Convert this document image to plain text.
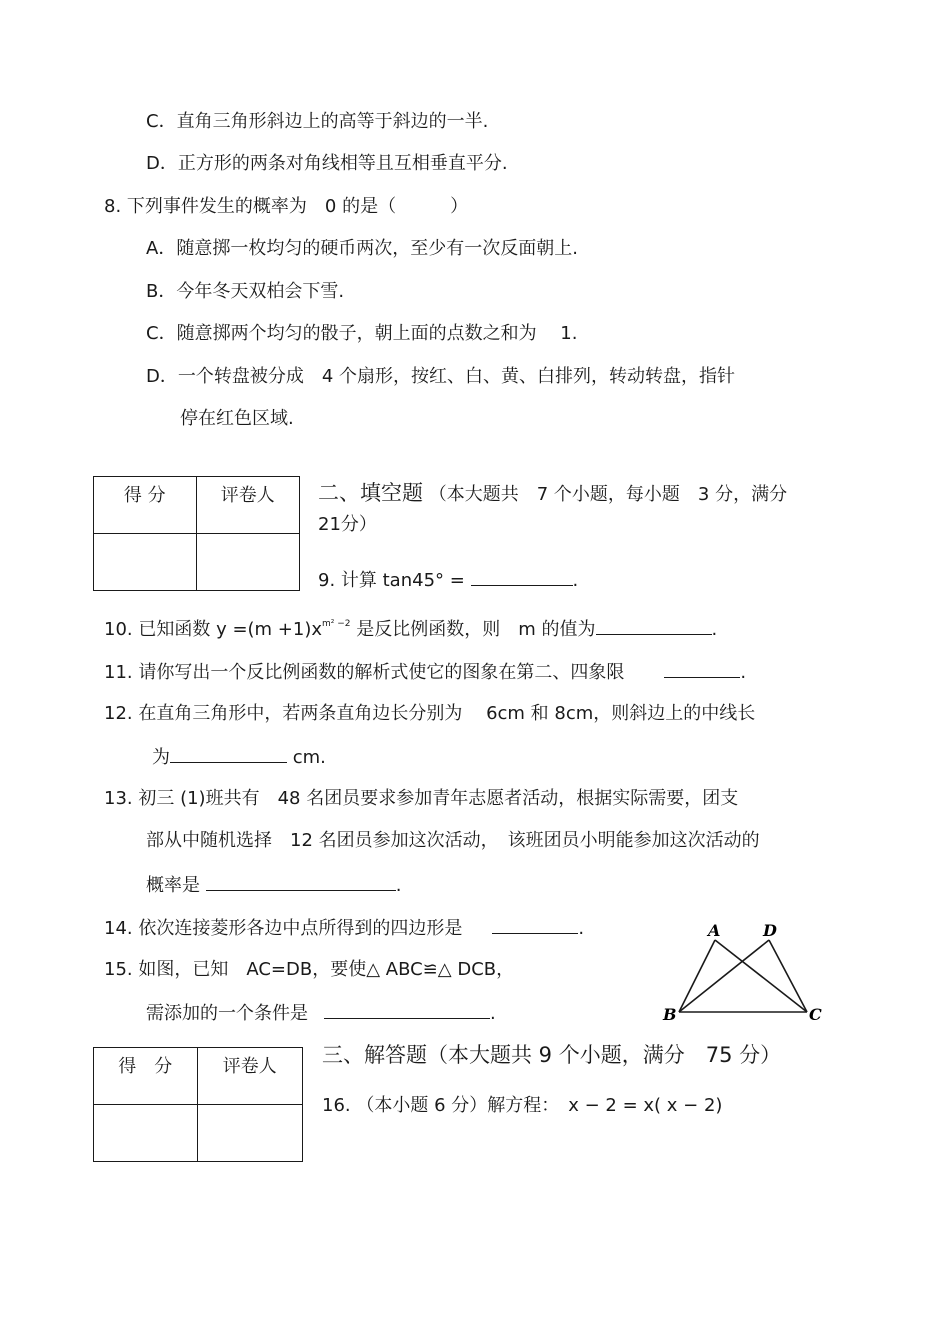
C．直角三角形斜边上的高等于斜边的一半.
D．正方形的两条对角线相等且互相垂直平分.
8. 下列事件发生的概率为　0 的是（　　　）
A．随意掷一枚均匀的硬币两次，至少有一次反面朝上.
B．今年冬天双柏会下雪.
C．随意掷两个均匀的骰子，朝上面的点数之和为　 1.
D．一个转盘被分成　4 个扇形，按红、白、黄、白排列，转动转盘，指针
停在红色区域.
得 分	评卷人
	二、填空题 （本大题共　7 个小题，每小题　3 分，满分
21分）
9. 计算 tan45° =	.
10. 已知函数 $y =(m +1)x^{m^2 -2}$ 是反比例函数，则　m 的值为	.
11. 请你写出一个反比例函数的解析式使它的图象在第二、四象限	.
12. 在直角三角形中，若两条直角边长分别为　 6cm 和 8cm，则斜边上的中线长
为	cm.
13. 初三 (1)班共有　48 名团员要求参加青年志愿者活动，根据实际需要，团支
部从中随机选择　12 名团员参加这次活动，　该班团员小明能参加这次活动的
概率是	.
14. 依次连接菱形各边中点所得到的四边形是	.
15. 如图，已知　AC=DB，要使△ ABC≌△ DCB，
需添加的一个条件是	.
A	D
B	C
得　分	评卷人
	三、解答题（本大题共 9 个小题，满分　75 分）
16. （本小题 6 分）解方程：　x − 2 = x( x − 2)
